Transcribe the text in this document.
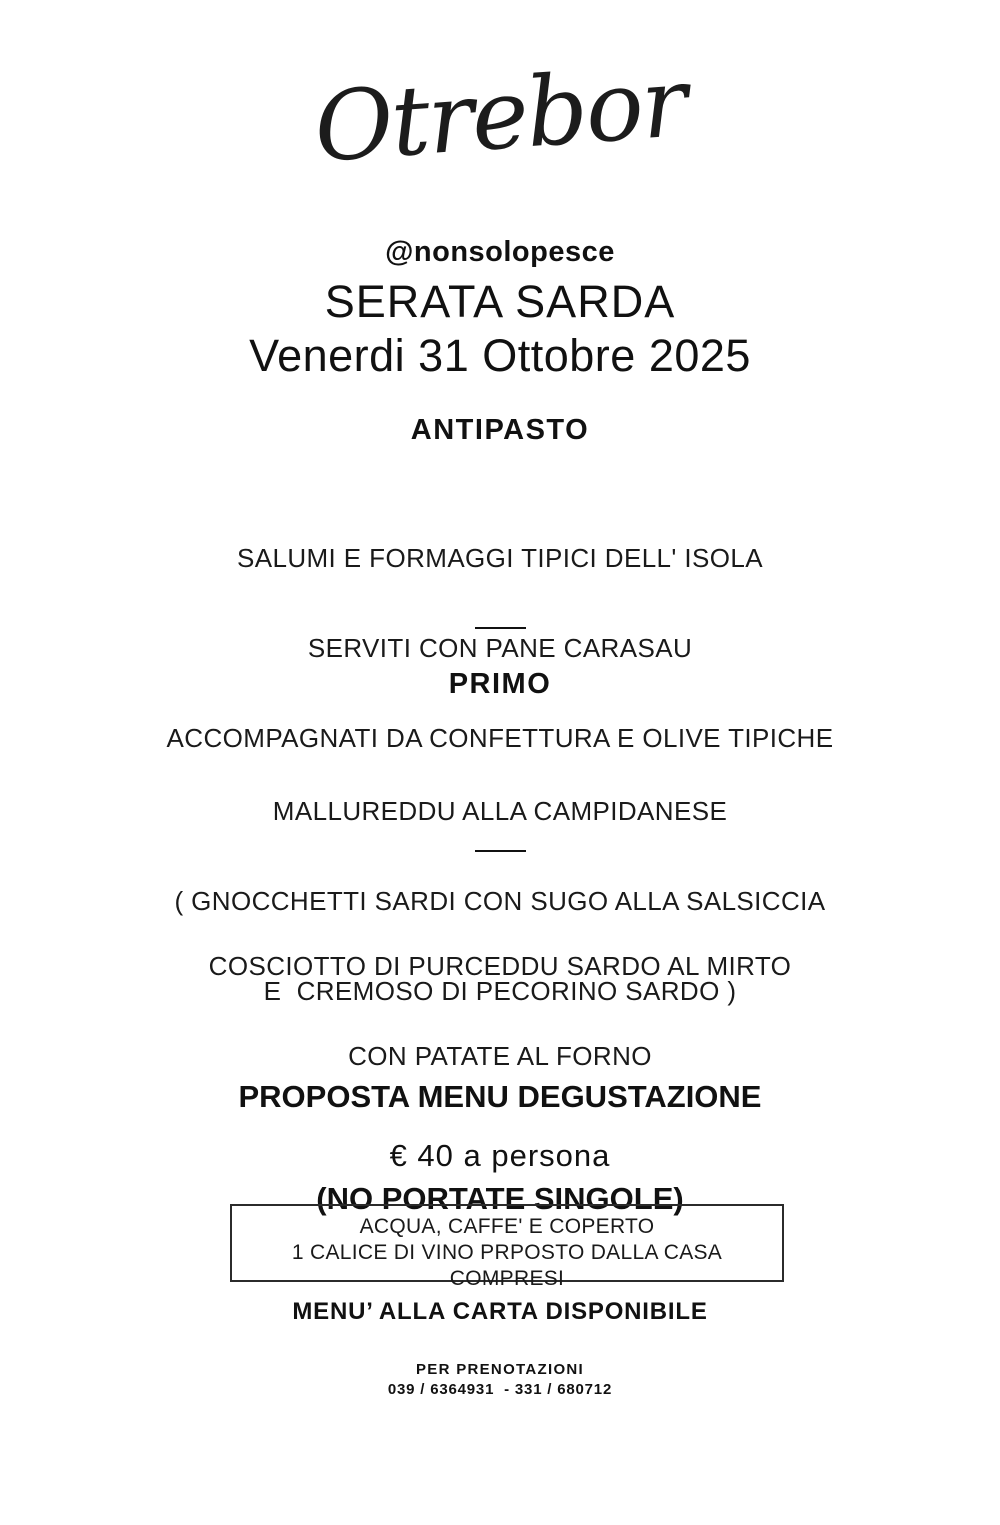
Otrebor
@nonsolopesce
SERATA SARDA
Venerdi 31 Ottobre 2025
ANTIPASTO

SALUMI E FORMAGGI TIPICI DELL' ISOLA

SERVITI CON PANE CARASAU

ACCOMPAGNATI DA CONFETTURA E OLIVE TIPICHE

PRIMO

MALLUREDDU ALLA CAMPIDANESE

( GNOCCHETTI SARDI CON SUGO ALLA SALSICCIA

E  CREMOSO DI PECORINO SARDO )

COSCIOTTO DI PURCEDDU SARDO AL MIRTO

CON PATATE AL FORNO

PROPOSTA MENU DEGUSTAZIONE

(NO PORTATE SINGOLE)

€ 40 a persona
ACQUA, CAFFE' E COPERTO
1 CALICE DI VINO PRPOSTO DALLA CASA  COMPRESI
MENU’ ALLA CARTA DISPONIBILE
PER PRENOTAZIONI
039 / 6364931  - 331 / 680712
